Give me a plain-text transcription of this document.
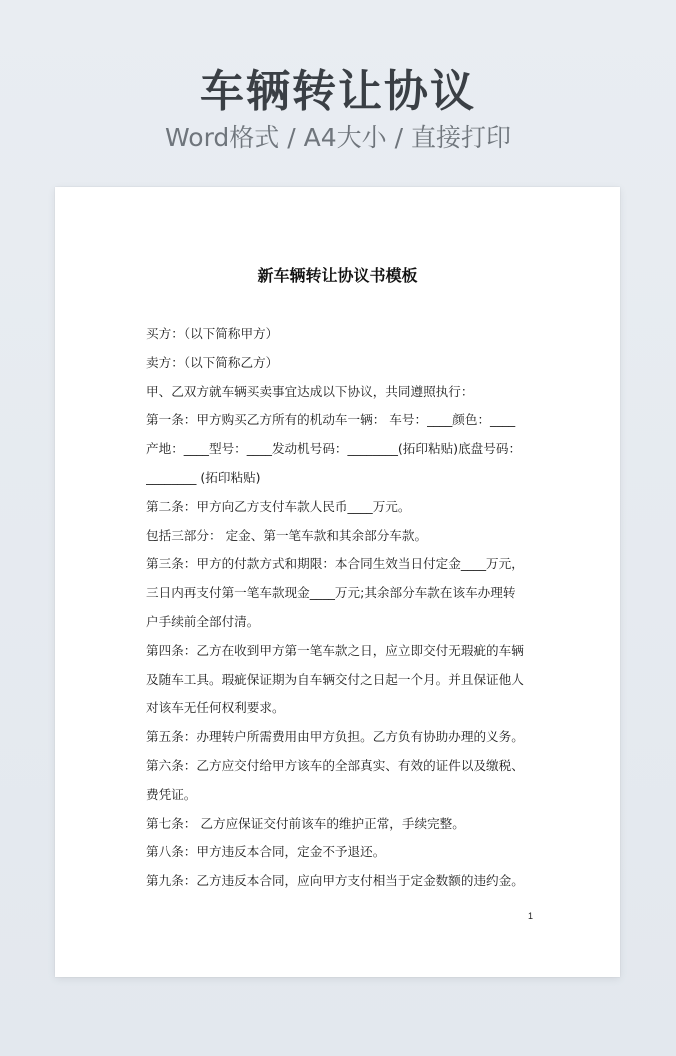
车辆转让协议
Word格式 / A4大小 / 直接打印
新车辆转让协议书模板
买方：（以下简称甲方）
卖方：（以下简称乙方）
甲、乙双方就车辆买卖事宜达成以下协议，共同遵照执行：
第一条：甲方购买乙方所有的机动车一辆： 车号：____颜色：____
产地：____型号：____发动机号码：________(拓印粘贴)底盘号码：
________ (拓印粘贴)
第二条：甲方向乙方支付车款人民币____万元。
包括三部分： 定金、第一笔车款和其余部分车款。
第三条：甲方的付款方式和期限：本合同生效当日付定金____万元，
三日内再支付第一笔车款现金____万元;其余部分车款在该车办理转
户手续前全部付清。
第四条：乙方在收到甲方第一笔车款之日，应立即交付无瑕疵的车辆
及随车工具。瑕疵保证期为自车辆交付之日起一个月。并且保证他人
对该车无任何权利要求。
第五条：办理转户所需费用由甲方负担。乙方负有协助办理的义务。
第六条：乙方应交付给甲方该车的全部真实、有效的证件以及缴税、
费凭证。
第七条： 乙方应保证交付前该车的维护正常，手续完整。
第八条：甲方违反本合同，定金不予退还。
第九条：乙方违反本合同，应向甲方支付相当于定金数额的违约金。
1
